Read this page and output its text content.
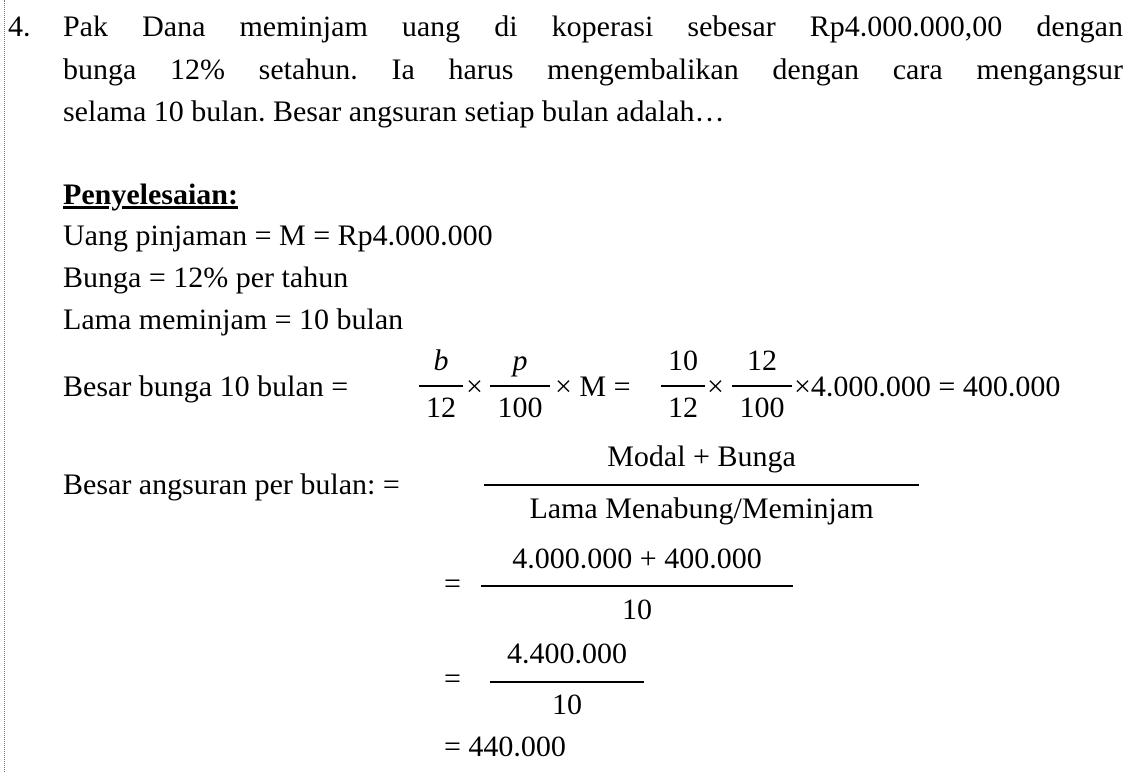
4. Pak Dana meminjam uang di koperasi sebesar Rp4.000.000,00 dengan
bunga 12% setahun. Ia harus mengembalikan dengan cara mengangsur
selama 10 bulan. Besar angsuran setiap bulan adalah…
Penyelesaian:
Uang pinjaman = M = Rp4.000.000
Bunga = 12% per tahun
Lama meminjam = 10 bulan
Besar bunga 10 bulan =
b
12
×
p
100
× M =
10
12
×
12
100
×4.000.000 = 400.000
Besar angsuran per bulan: =
Modal + Bunga
Lama Menabung/Meminjam
=
4.000.000 + 400.000
10
=
4.400.000
10
= 440.000
